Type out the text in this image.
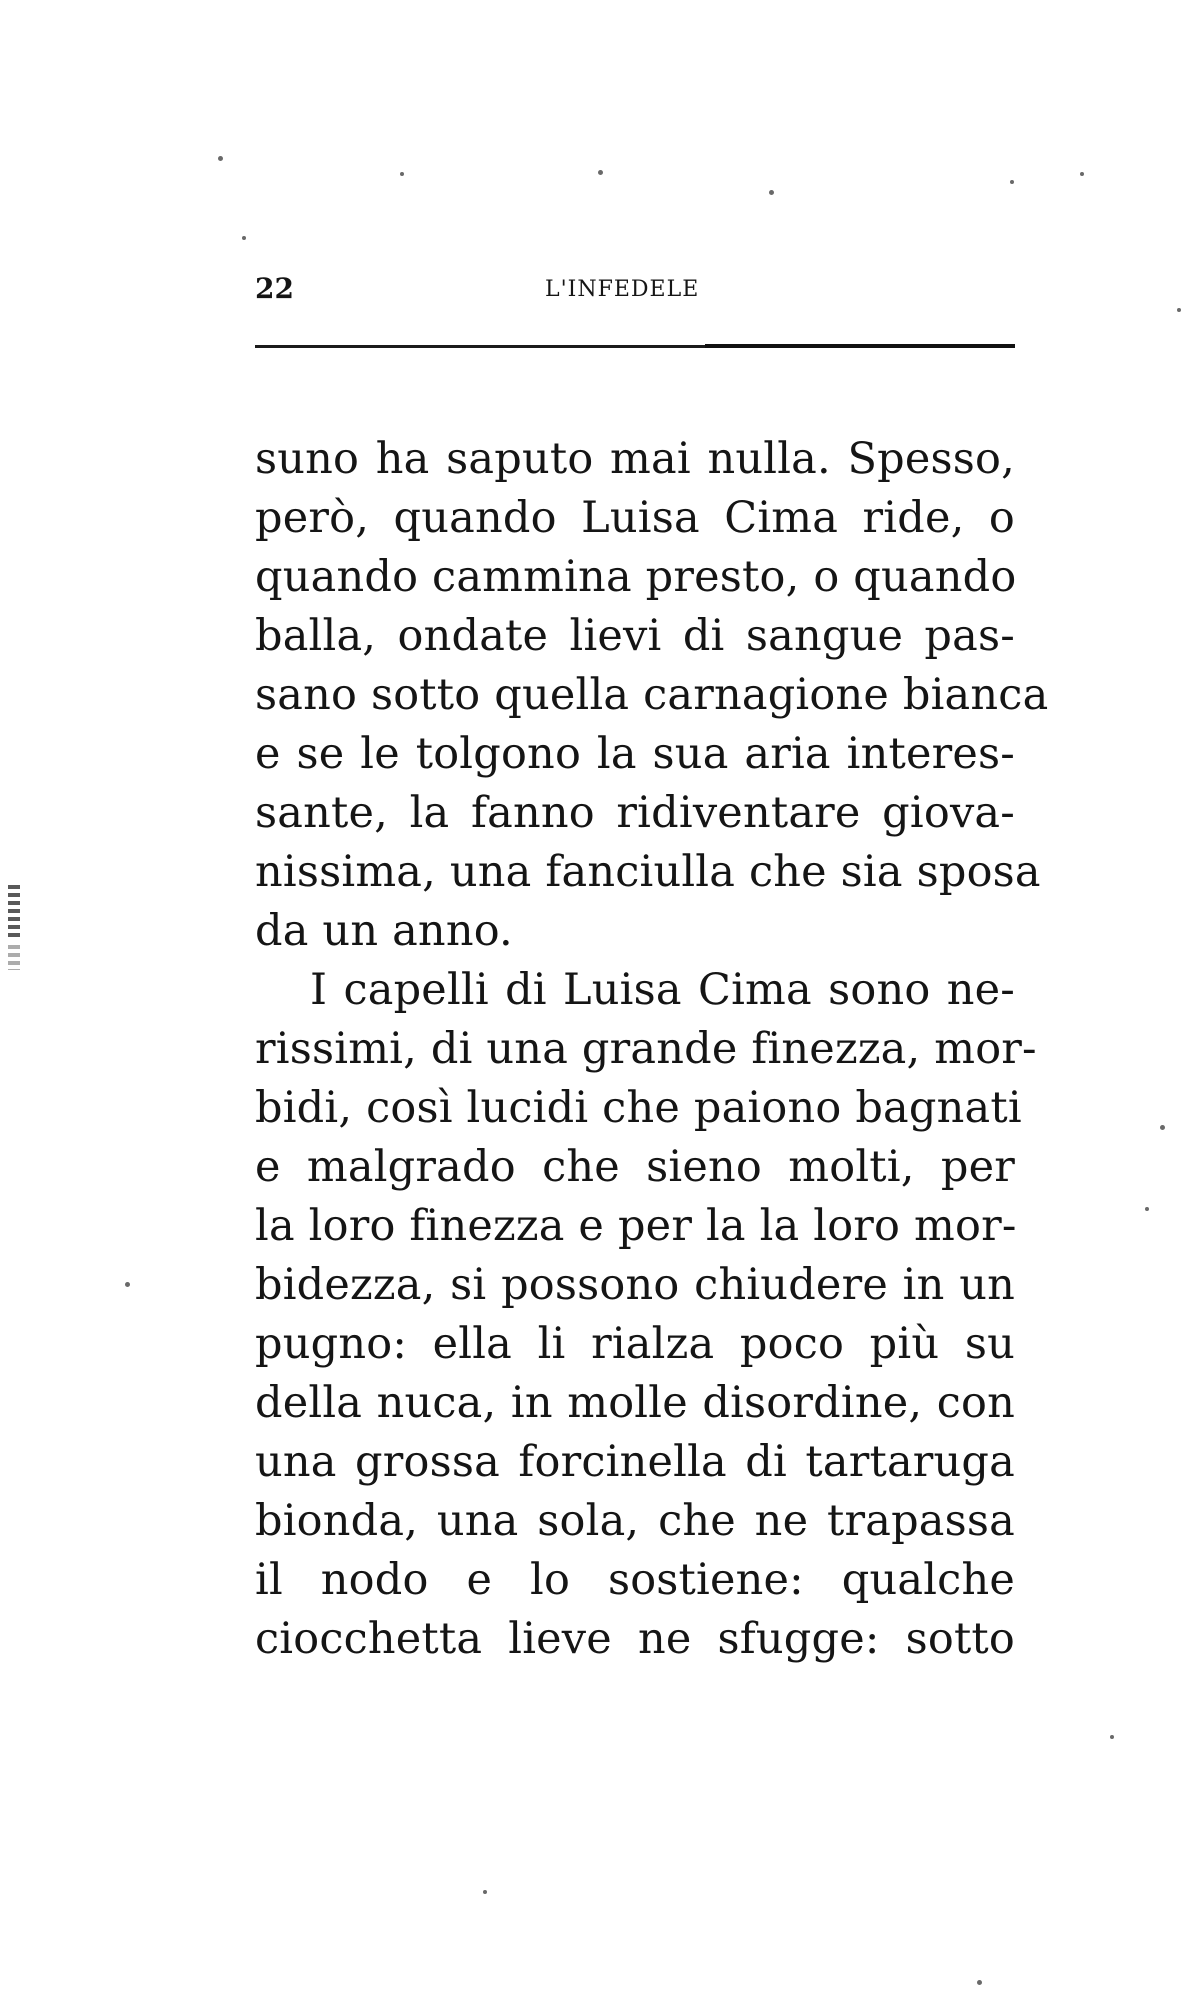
22	L'INFEDELE
suno ha saputo mai nulla. Spesso,
però, quando Luisa Cima ride, o
quando cammina presto, o quando
balla, ondate lievi di sangue pas-
sano sotto quella carnagione bianca
e se le tolgono la sua aria interes-
sante, la fanno ridiventare giova-
nissima, una fanciulla che sia sposa
da un anno.
I capelli di Luisa Cima sono ne-
rissimi, di una grande finezza, mor-
bidi, così lucidi che paiono bagnati
e malgrado che sieno molti, per
la loro finezza e per la la loro mor-
bidezza, si possono chiudere in un
pugno: ella li rialza poco più su
della nuca, in molle disordine, con
una grossa forcinella di tartaruga
bionda, una sola, che ne trapassa
il nodo e lo sostiene: qualche
ciocchetta lieve ne sfugge: sotto
